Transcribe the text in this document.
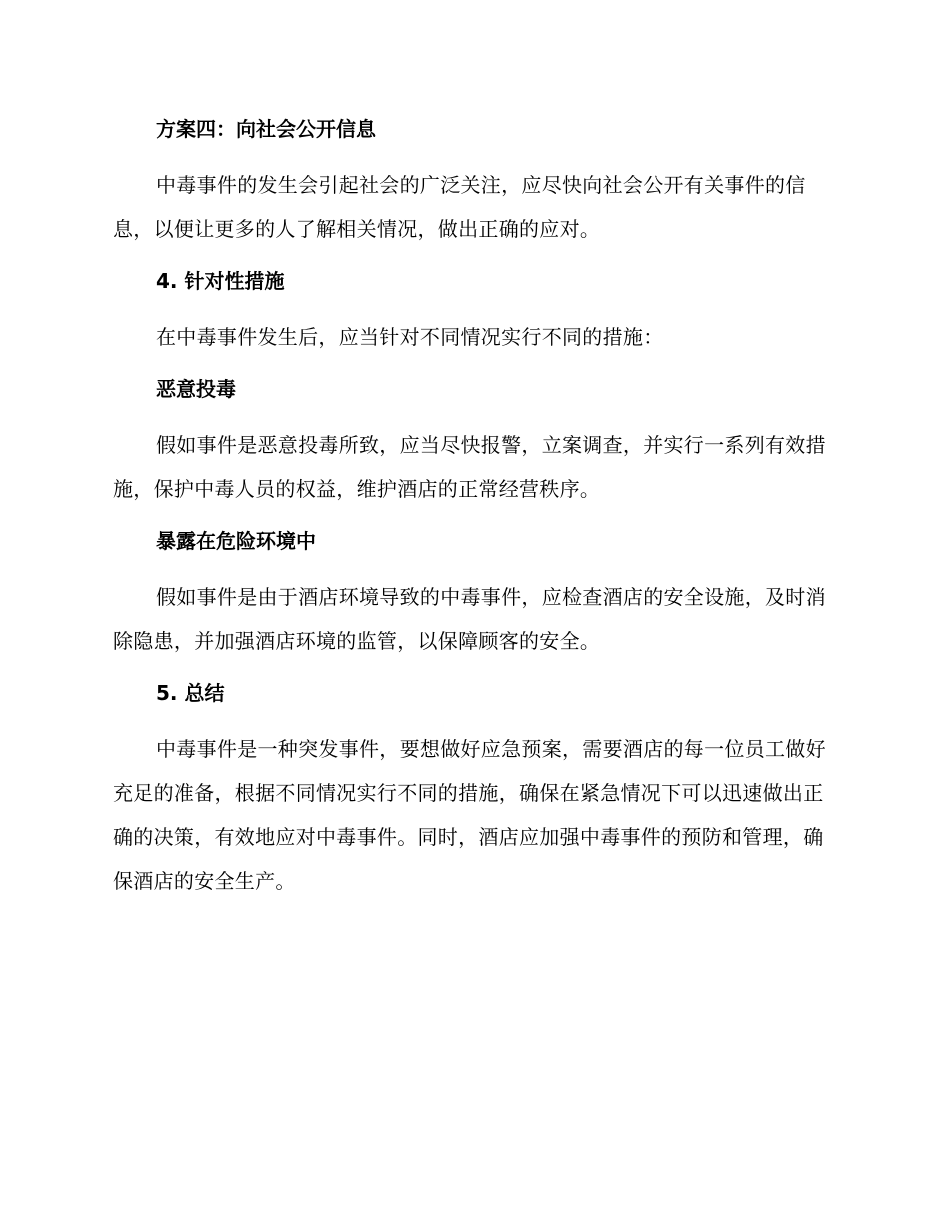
方案四：向社会公开信息

中毒事件的发生会引起社会的广泛关注，应尽快向社会公开有关事件的信息，以便让更多的人了解相关情况，做出正确的应对。

4. 针对性措施

在中毒事件发生后，应当针对不同情况实行不同的措施：

恶意投毒

假如事件是恶意投毒所致，应当尽快报警，立案调查，并实行一系列有效措施，保护中毒人员的权益，维护酒店的正常经营秩序。

暴露在危险环境中

假如事件是由于酒店环境导致的中毒事件，应检查酒店的安全设施，及时消除隐患，并加强酒店环境的监管，以保障顾客的安全。

5. 总结

中毒事件是一种突发事件，要想做好应急预案，需要酒店的每一位员工做好充足的准备，根据不同情况实行不同的措施，确保在紧急情况下可以迅速做出正确的决策，有效地应对中毒事件。同时，酒店应加强中毒事件的预防和管理，确保酒店的安全生产。
